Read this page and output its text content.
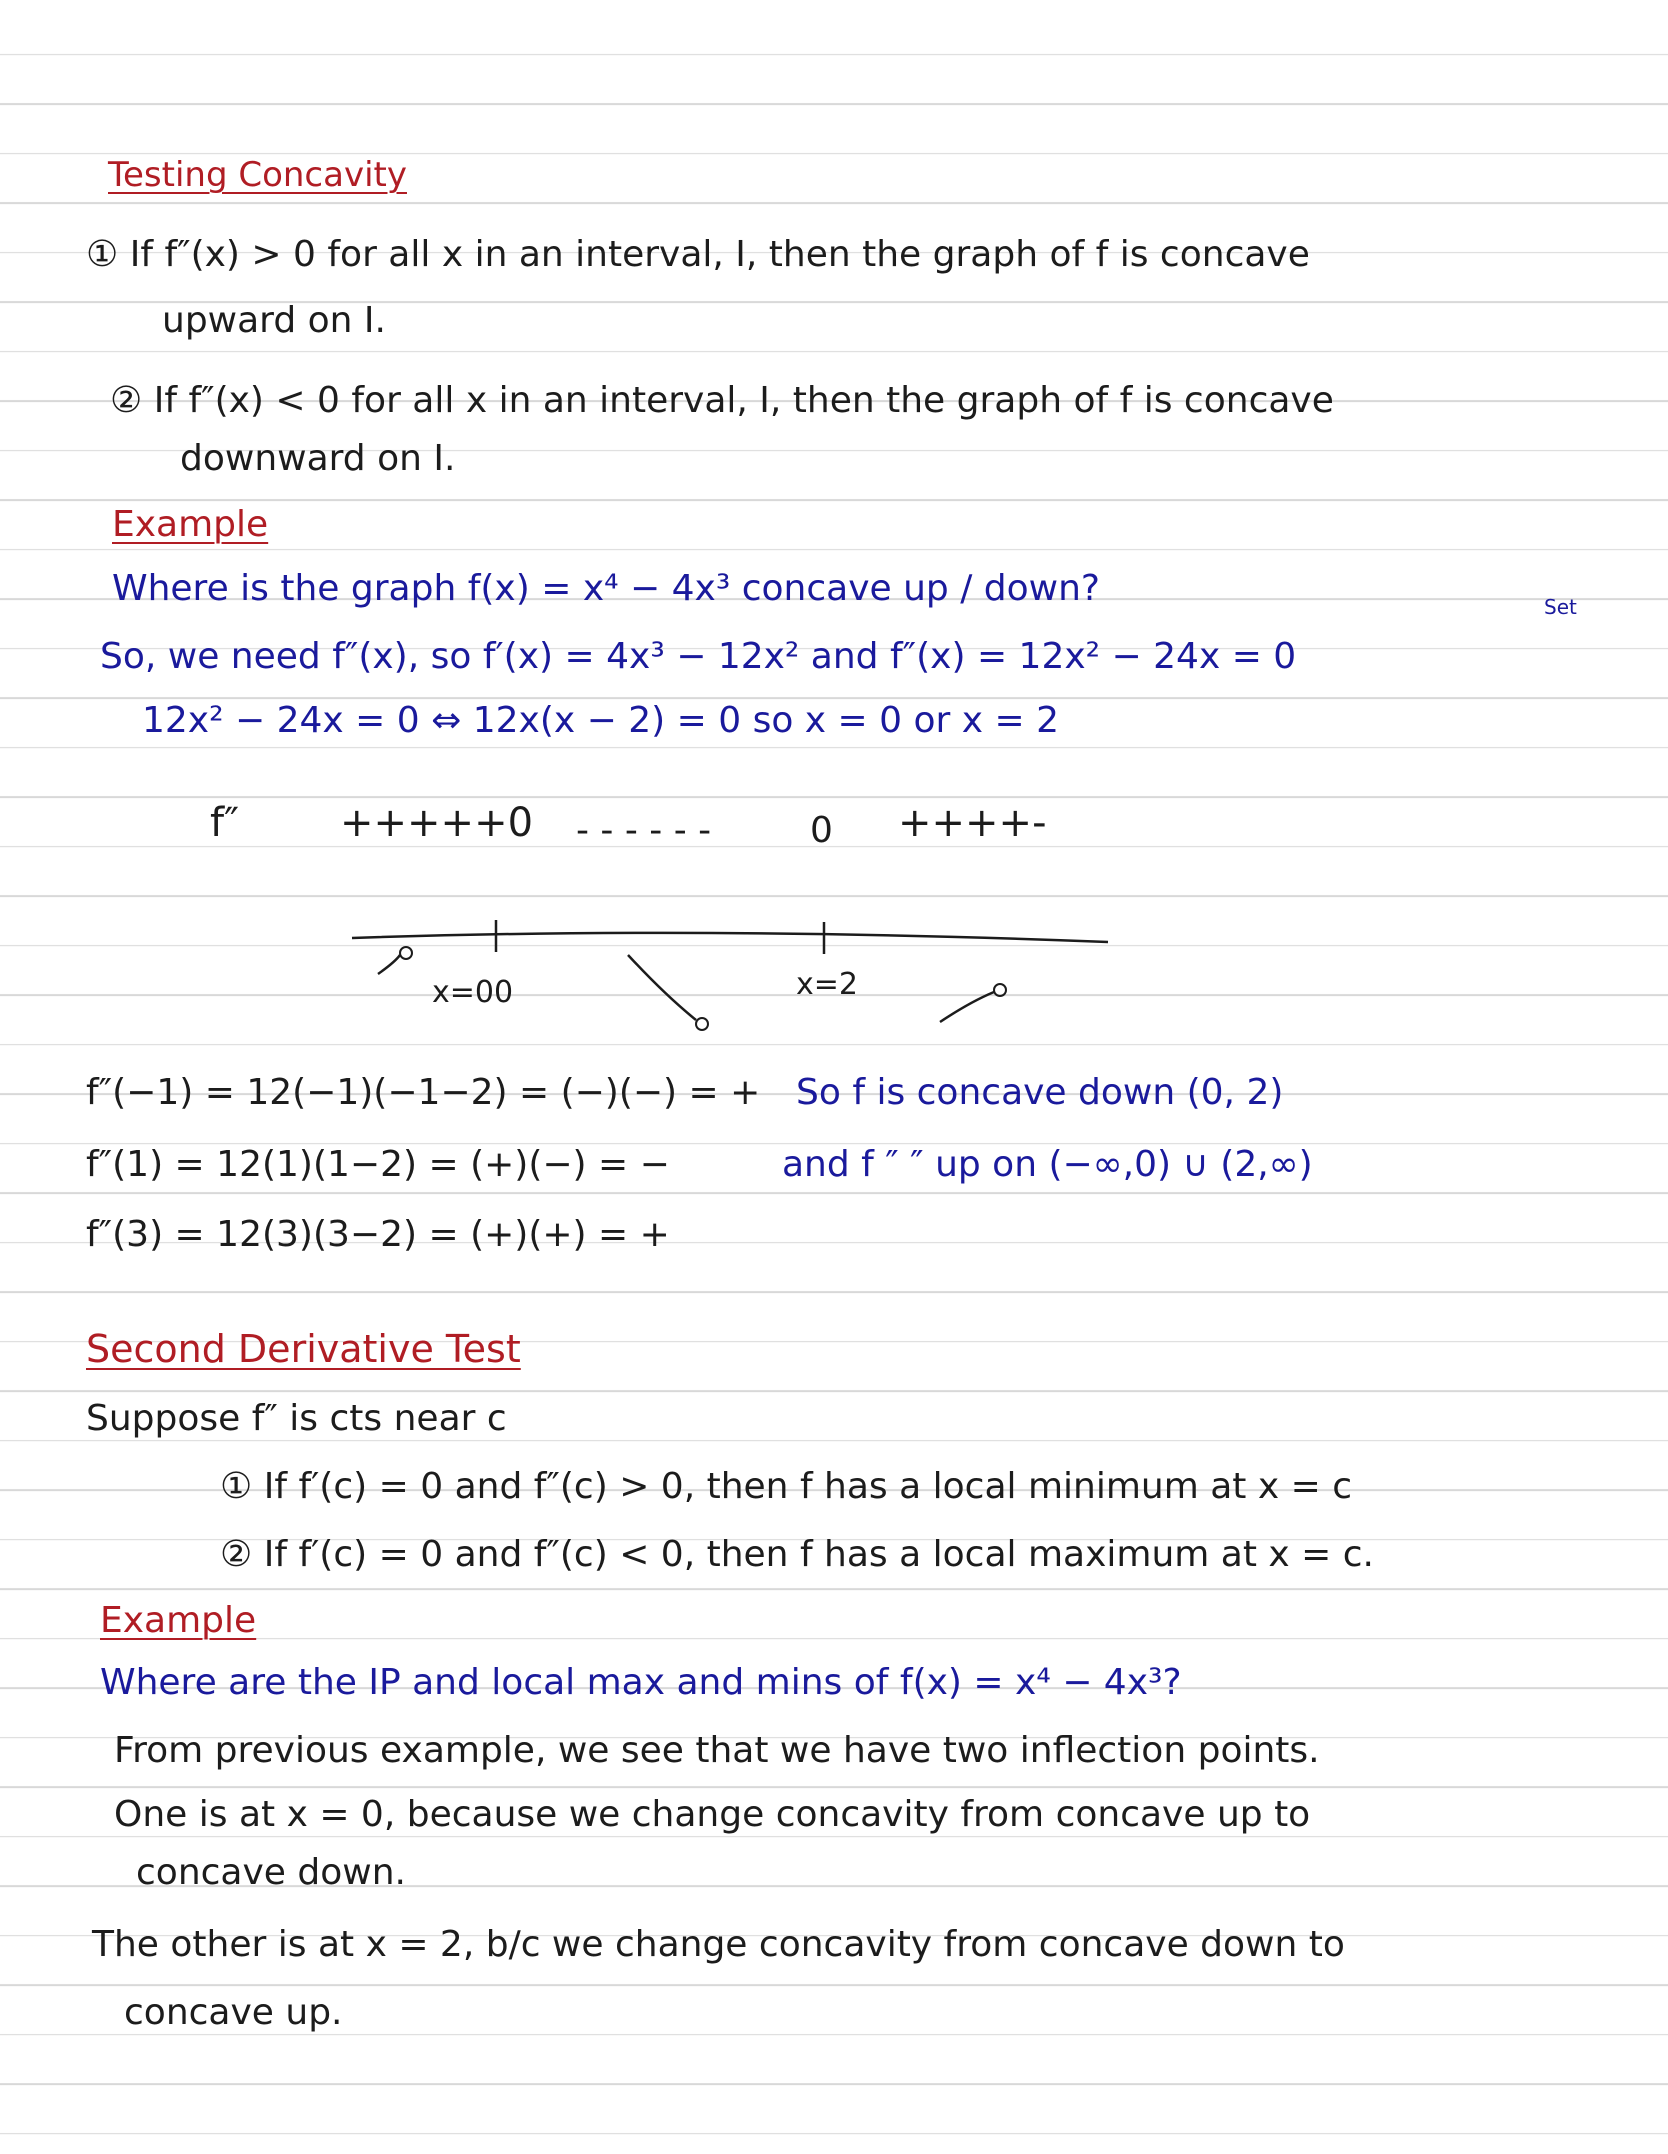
Testing Concavity
① If f″(x) > 0 for all x in an interval, I, then the graph of f is concave
upward on I.
② If f″(x) < 0 for all x in an interval, I, then the graph of f is concave
downward on I.
Example
Where is the graph f(x) = x⁴ − 4x³ concave up / down?	Set
So, we need f″(x), so f′(x) = 4x³ − 12x² and f″(x) = 12x² − 24x = 0
12x² − 24x = 0 ⇔ 12x(x − 2) = 0 so x = 0 or x = 2
f″	+++++0 - - - - - -	0 ++++-
x=00	x=2
f″(−1) = 12(−1)(−1−2) = (−)(−) = +
f″(1) = 12(1)(1−2) = (+)(−) = −
f″(3) = 12(3)(3−2) = (+)(+) = +
So f is concave down (0, 2)
and f ″ ″ up on (−∞,0) ∪ (2,∞)
Second Derivative Test
Suppose f″ is cts near c
① If f′(c) = 0 and f″(c) > 0, then f has a local minimum at x = c
② If f′(c) = 0 and f″(c) < 0, then f has a local maximum at x = c.
Example
Where are the IP and local max and mins of f(x) = x⁴ − 4x³?
From previous example, we see that we have two inflection points.
One is at x = 0, because we change concavity from concave up to
concave down.
The other is at x = 2, b/c we change concavity from concave down to
concave up.
